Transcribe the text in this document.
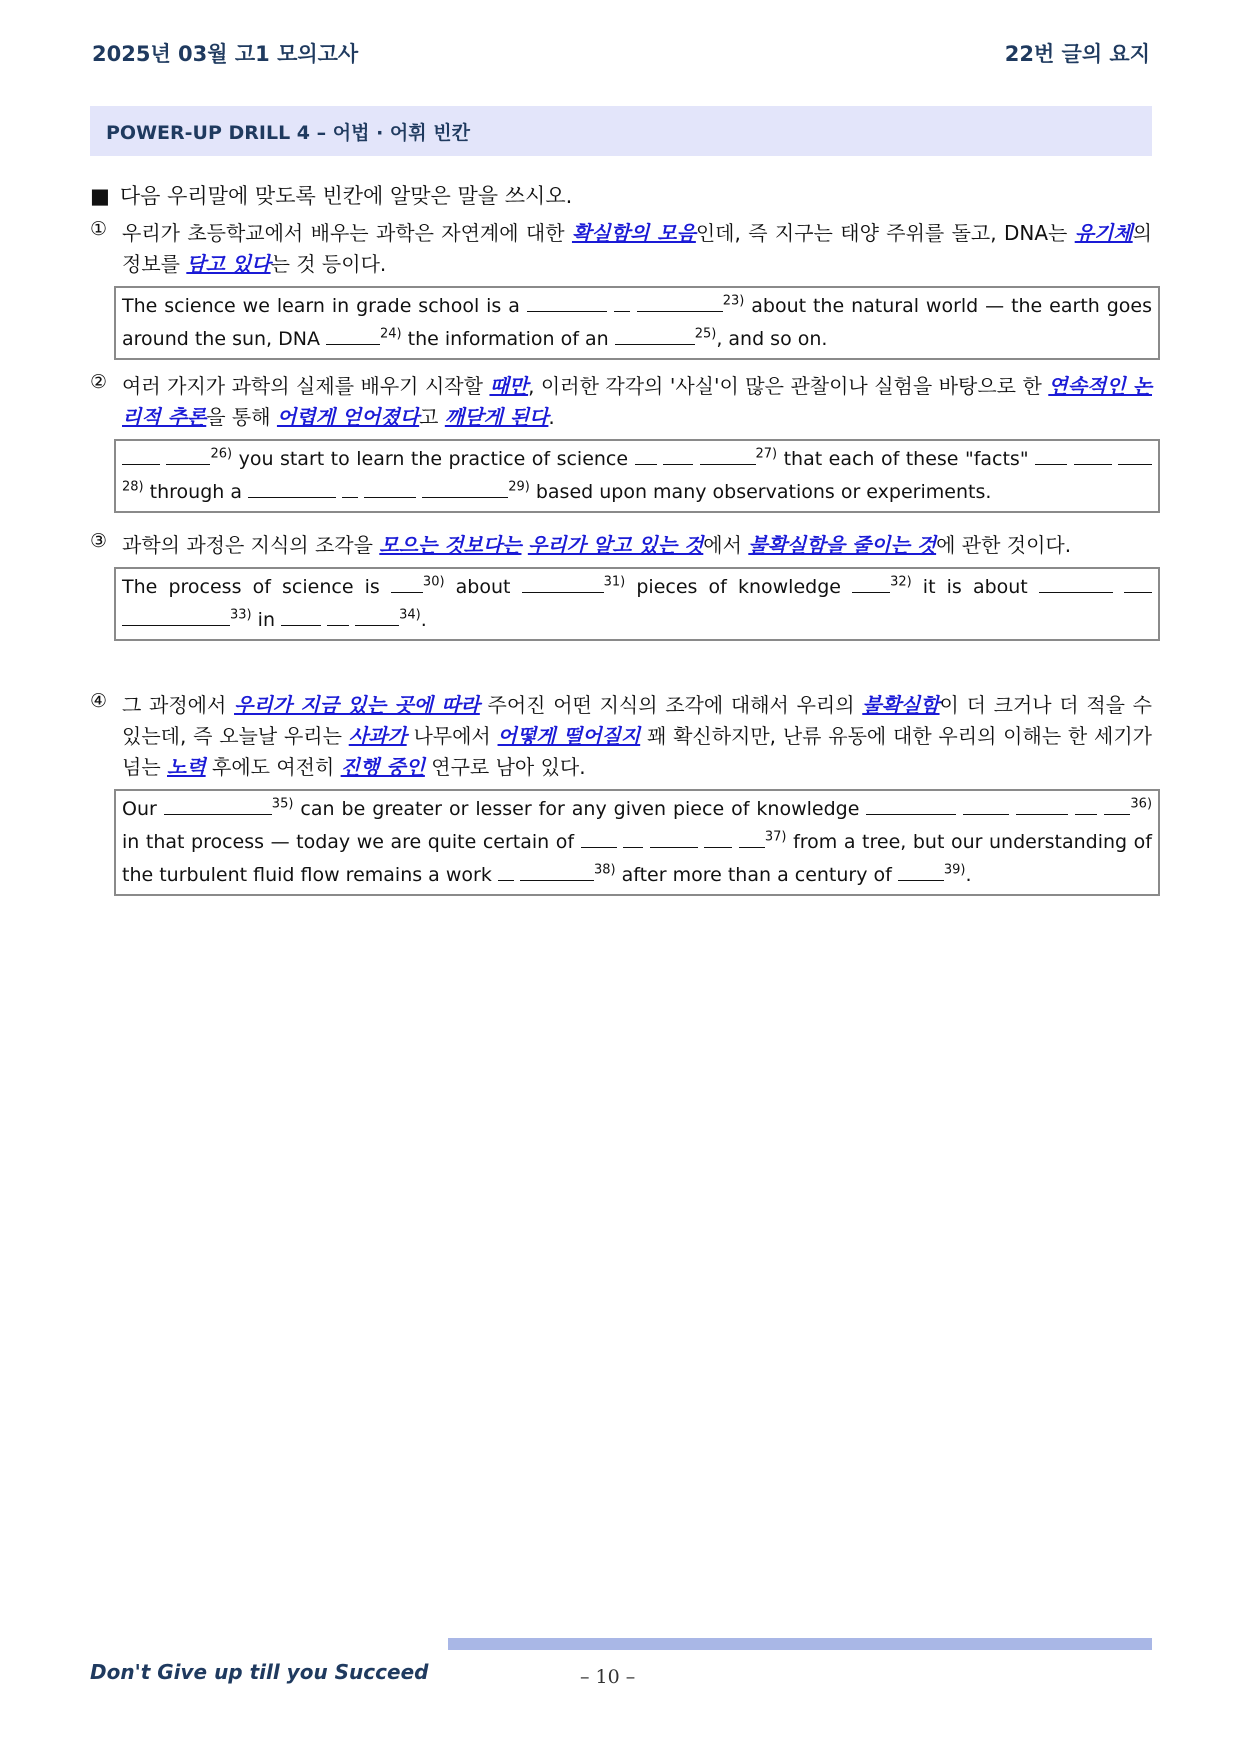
2025년 03월 고1 모의고사	22번 글의 요지
POWER-UP DRILL 4 – 어법 · 어휘 빈칸
■ 다음 우리말에 맞도록 빈칸에 알맞은 말을 쓰시오.
① 우리가 초등학교에서 배우는 과학은 자연계에 대한 확실함의 모음인데, 즉 지구는 태양 주위를 돌고, DNA는 유기체의 정보를 담고 있다는 것 등이다.
The science we learn in grade school is a	$^{23)}$ about the natural world — the earth goes around the sun, DNA	$^{24)}$ the information of an	$^{25)}$, and so on.
② 여러 가지가 과학의 실제를 배우기 시작할 때만, 이러한 각각의 '사실'이 많은 관찰이나 실험을 바탕으로 한 연속적인 논리적 추론을 통해 어렵게 얻어졌다고 깨닫게 된다.
$^{26)}$ you start to learn the practice of science	$^{27)}$ that each of these "facts"   $^{28)}$ through a	$^{29)}$ based upon many observations or experiments.
③ 과학의 과정은 지식의 조각을 모으는 것보다는 우리가 알고 있는 것에서 불확실함을 줄이는 것에 관한 것이다.
The process of science is $^{30)}$ about	$^{31)}$ pieces of knowledge	$^{32)}$ it is about   $^{33)}$ in	$^{34)}$.
④ 그 과정에서 우리가 지금 있는 곳에 따라 주어진 어떤 지식의 조각에 대해서 우리의 불확실함이 더 크거나 더 적을 수 있는데, 즉 오늘날 우리는 사과가 나무에서 어떻게 떨어질지 꽤 확신하지만, 난류 유동에 대한 우리의 이해는 한 세기가 넘는 노력 후에도 여전히 진행 중인 연구로 남아 있다.
Our	$^{35)}$ can be greater or lesser for any given piece of knowledge	$^{36)}$ in that process — today we are quite certain of	$^{37)}$ from a tree, but our understanding of the turbulent fluid flow remains a work	$^{38)}$ after more than a century of	$^{39)}$.
Don't Give up till you Succeed	– 10 –
